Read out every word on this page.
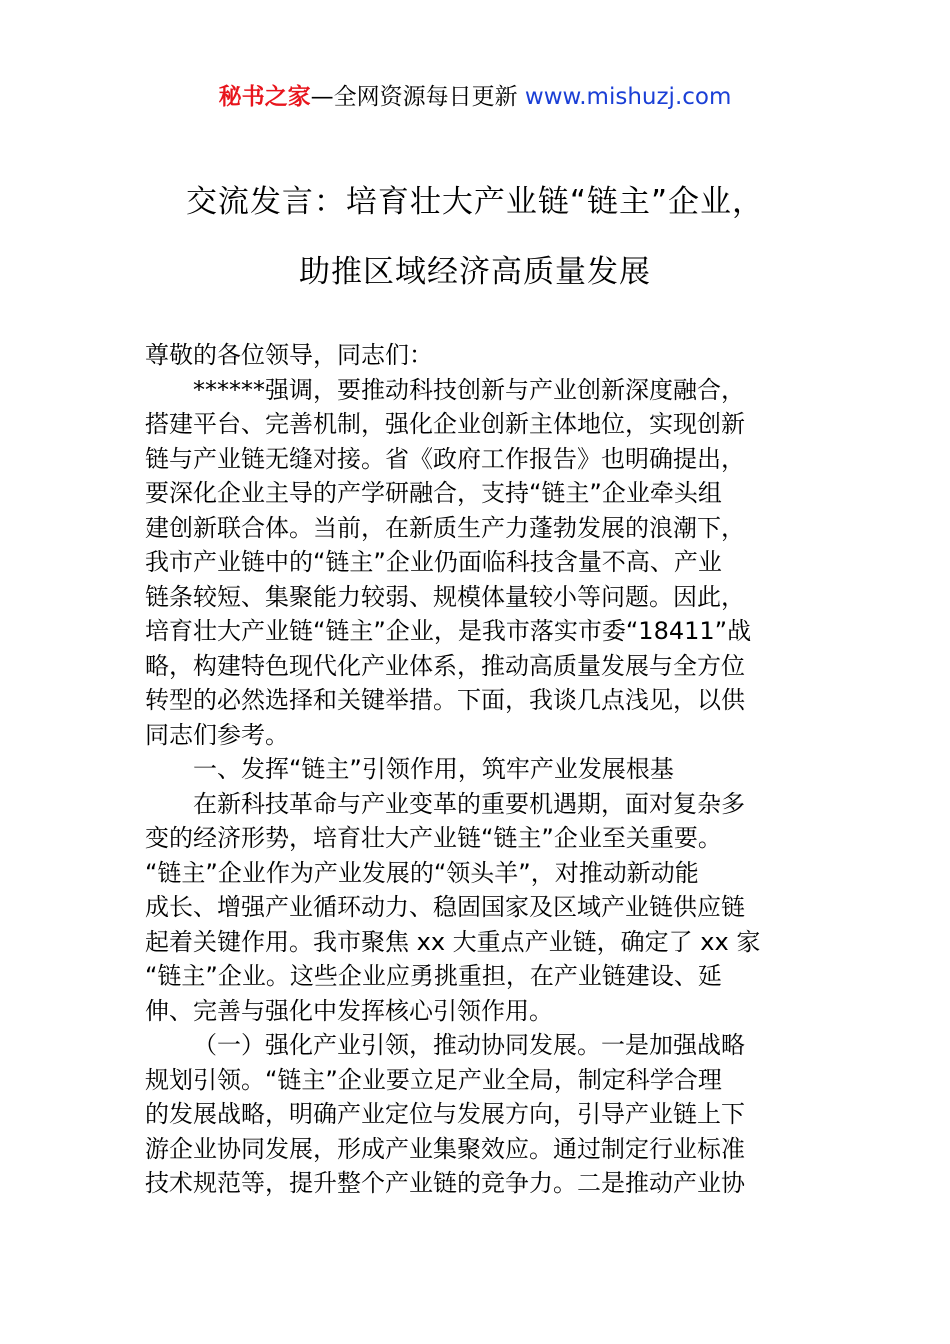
秘书之家—全网资源每日更新 www.mishuzj.com
交流发言：培育壮大产业链“链主”企业，
助推区域经济高质量发展
尊敬的各位领导，同志们：
******强调，要推动科技创新与产业创新深度融合，
搭建平台、完善机制，强化企业创新主体地位，实现创新
链与产业链无缝对接。省《政府工作报告》也明确提出，
要深化企业主导的产学研融合，支持“链主”企业牵头组
建创新联合体。当前，在新质生产力蓬勃发展的浪潮下，
我市产业链中的“链主”企业仍面临科技含量不高、产业
链条较短、集聚能力较弱、规模体量较小等问题。因此，
培育壮大产业链“链主”企业，是我市落实市委“18411”战
略，构建特色现代化产业体系，推动高质量发展与全方位
转型的必然选择和关键举措。下面，我谈几点浅见，以供
同志们参考。
一、发挥“链主”引领作用，筑牢产业发展根基
在新科技革命与产业变革的重要机遇期，面对复杂多
变的经济形势，培育壮大产业链“链主”企业至关重要。
“链主”企业作为产业发展的“领头羊”，对推动新动能
成长、增强产业循环动力、稳固国家及区域产业链供应链
起着关键作用。我市聚焦 xx 大重点产业链，确定了 xx 家
“链主”企业。这些企业应勇挑重担，在产业链建设、延
伸、完善与强化中发挥核心引领作用。
（一）强化产业引领，推动协同发展。一是加强战略
规划引领。“链主”企业要立足产业全局，制定科学合理
的发展战略，明确产业定位与发展方向，引导产业链上下
游企业协同发展，形成产业集聚效应。通过制定行业标准
技术规范等，提升整个产业链的竞争力。二是推动产业协
